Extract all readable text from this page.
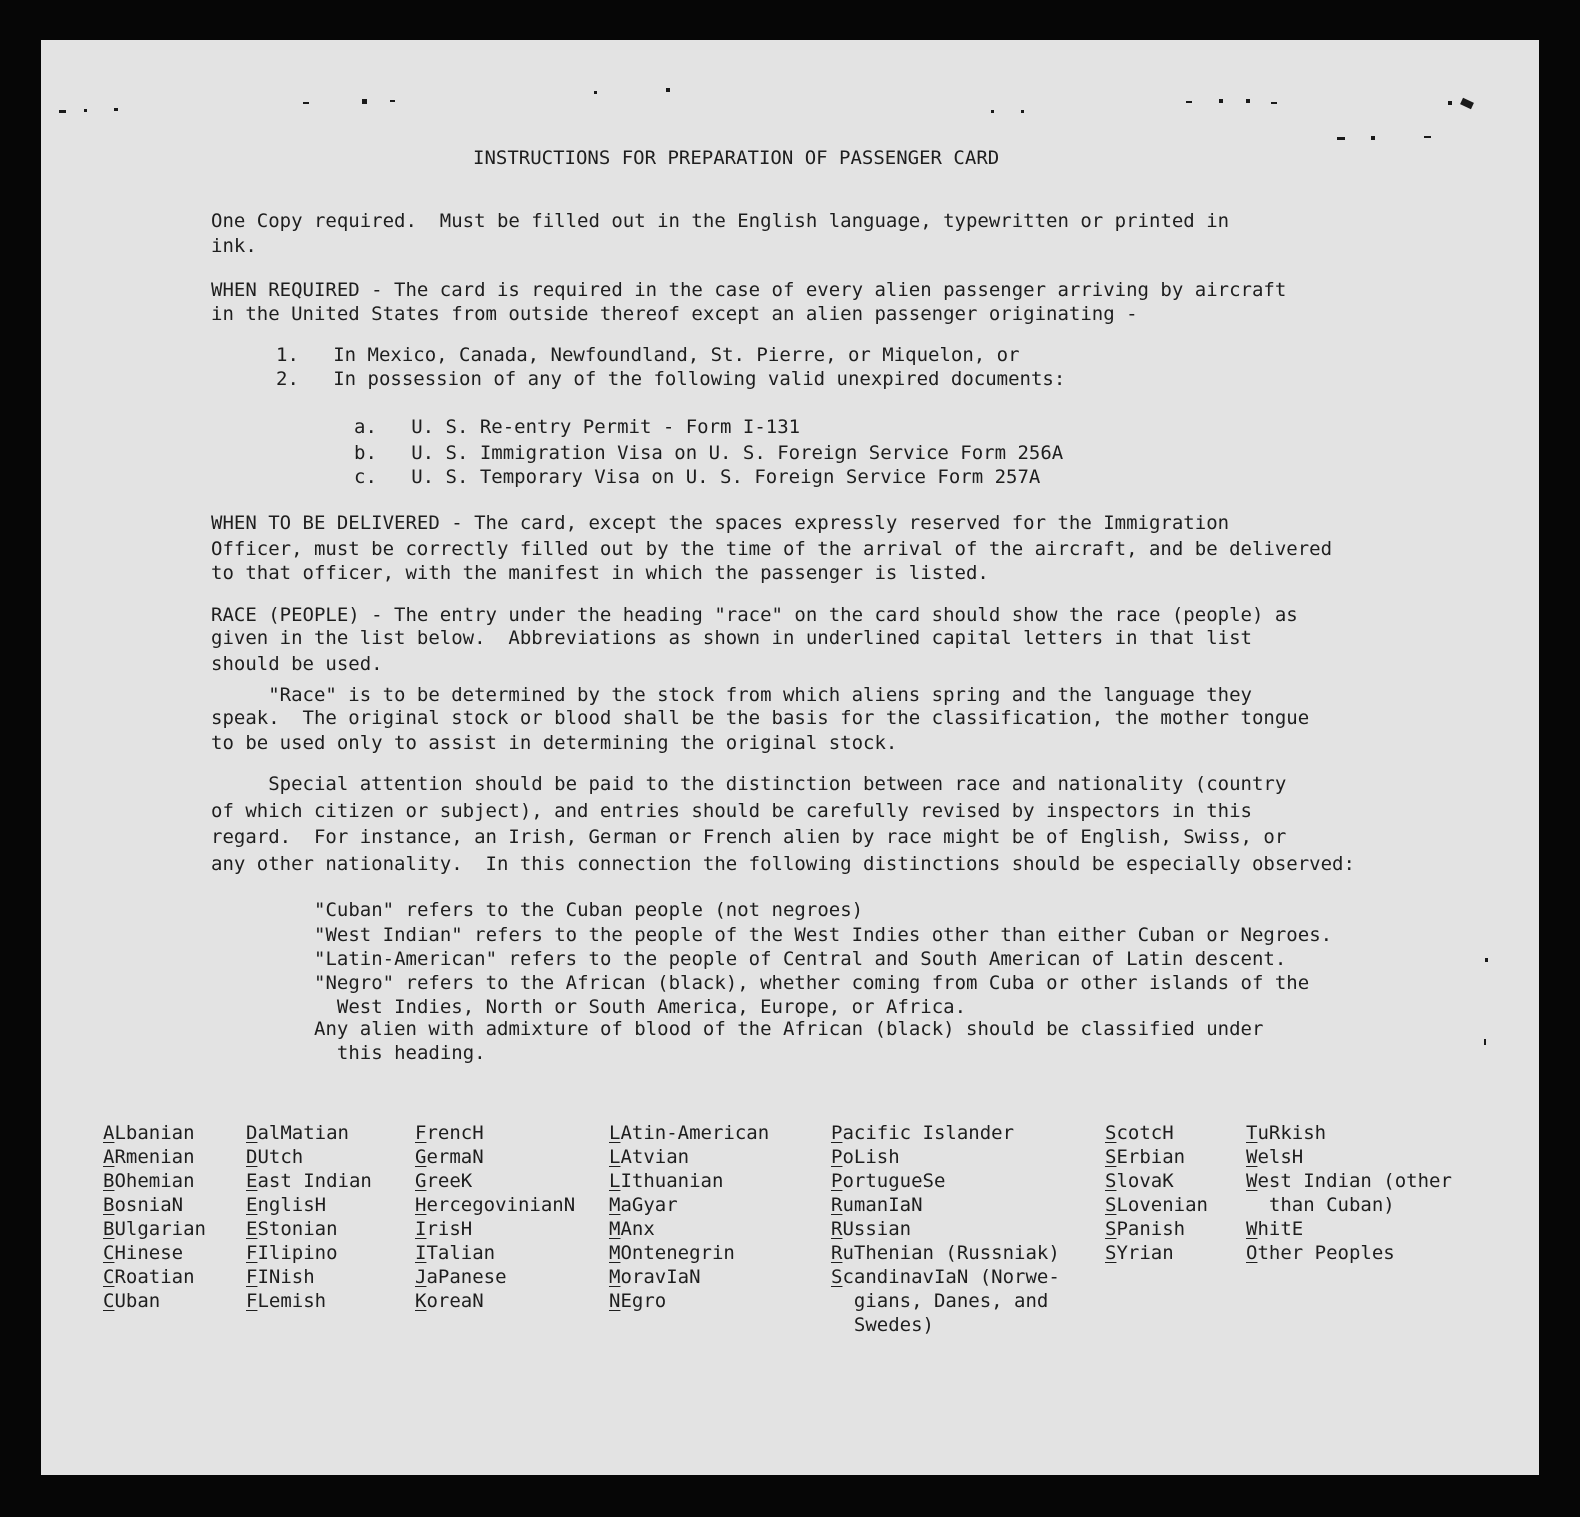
INSTRUCTIONS FOR PREPARATION OF PASSENGER CARD
One Copy required.  Must be filled out in the English language, typewritten or printed in
ink.
WHEN REQUIRED - The card is required in the case of every alien passenger arriving by aircraft
in the United States from outside thereof except an alien passenger originating -
1.   In Mexico, Canada, Newfoundland, St. Pierre, or Miquelon, or
2.   In possession of any of the following valid unexpired documents:
a.   U. S. Re-entry Permit - Form I-131
b.   U. S. Immigration Visa on U. S. Foreign Service Form 256A
c.   U. S. Temporary Visa on U. S. Foreign Service Form 257A
WHEN TO BE DELIVERED - The card, except the spaces expressly reserved for the Immigration
Officer, must be correctly filled out by the time of the arrival of the aircraft, and be delivered
to that officer, with the manifest in which the passenger is listed.
RACE (PEOPLE) - The entry under the heading "race" on the card should show the race (people) as
given in the list below.  Abbreviations as shown in underlined capital letters in that list
should be used.
"Race" is to be determined by the stock from which aliens spring and the language they
speak.  The original stock or blood shall be the basis for the classification, the mother tongue
to be used only to assist in determining the original stock.
Special attention should be paid to the distinction between race and nationality (country
of which citizen or subject), and entries should be carefully revised by inspectors in this
regard.  For instance, an Irish, German or French alien by race might be of English, Swiss, or
any other nationality.  In this connection the following distinctions should be especially observed:
"Cuban" refers to the Cuban people (not negroes)
"West Indian" refers to the people of the West Indies other than either Cuban or Negroes.
"Latin-American" refers to the people of Central and South American of Latin descent.
"Negro" refers to the African (black), whether coming from Cuba or other islands of the
West Indies, North or South America, Europe, or Africa.
Any alien with admixture of blood of the African (black) should be classified under
this heading.
ALbanian
ARmenian
BOhemian
BosniaN
BUlgarian
CHinese
CRoatian
CUban
DalMatian
DUtch
East Indian
EnglisH
EStonian
FIlipino
FINish
FLemish
FrencH
GermaN
GreeK
HercegovinianN
IrisH
ITalian
JaPanese
KoreaN
LAtin-American
LAtvian
LIthuanian
MaGyar
MAnx
MOntenegrin
MoravIaN
NEgro
Pacific Islander
PoLish
PortugueSe
RumanIaN
RUssian
RuThenian (Russniak)
ScandinavIaN (Norwe-
gians, Danes, and
Swedes)
ScotcH
SErbian
SlovaK
SLovenian
SPanish
SYrian
TuRkish
WelsH
West Indian (other
than Cuban)
WhitE
Other Peoples
